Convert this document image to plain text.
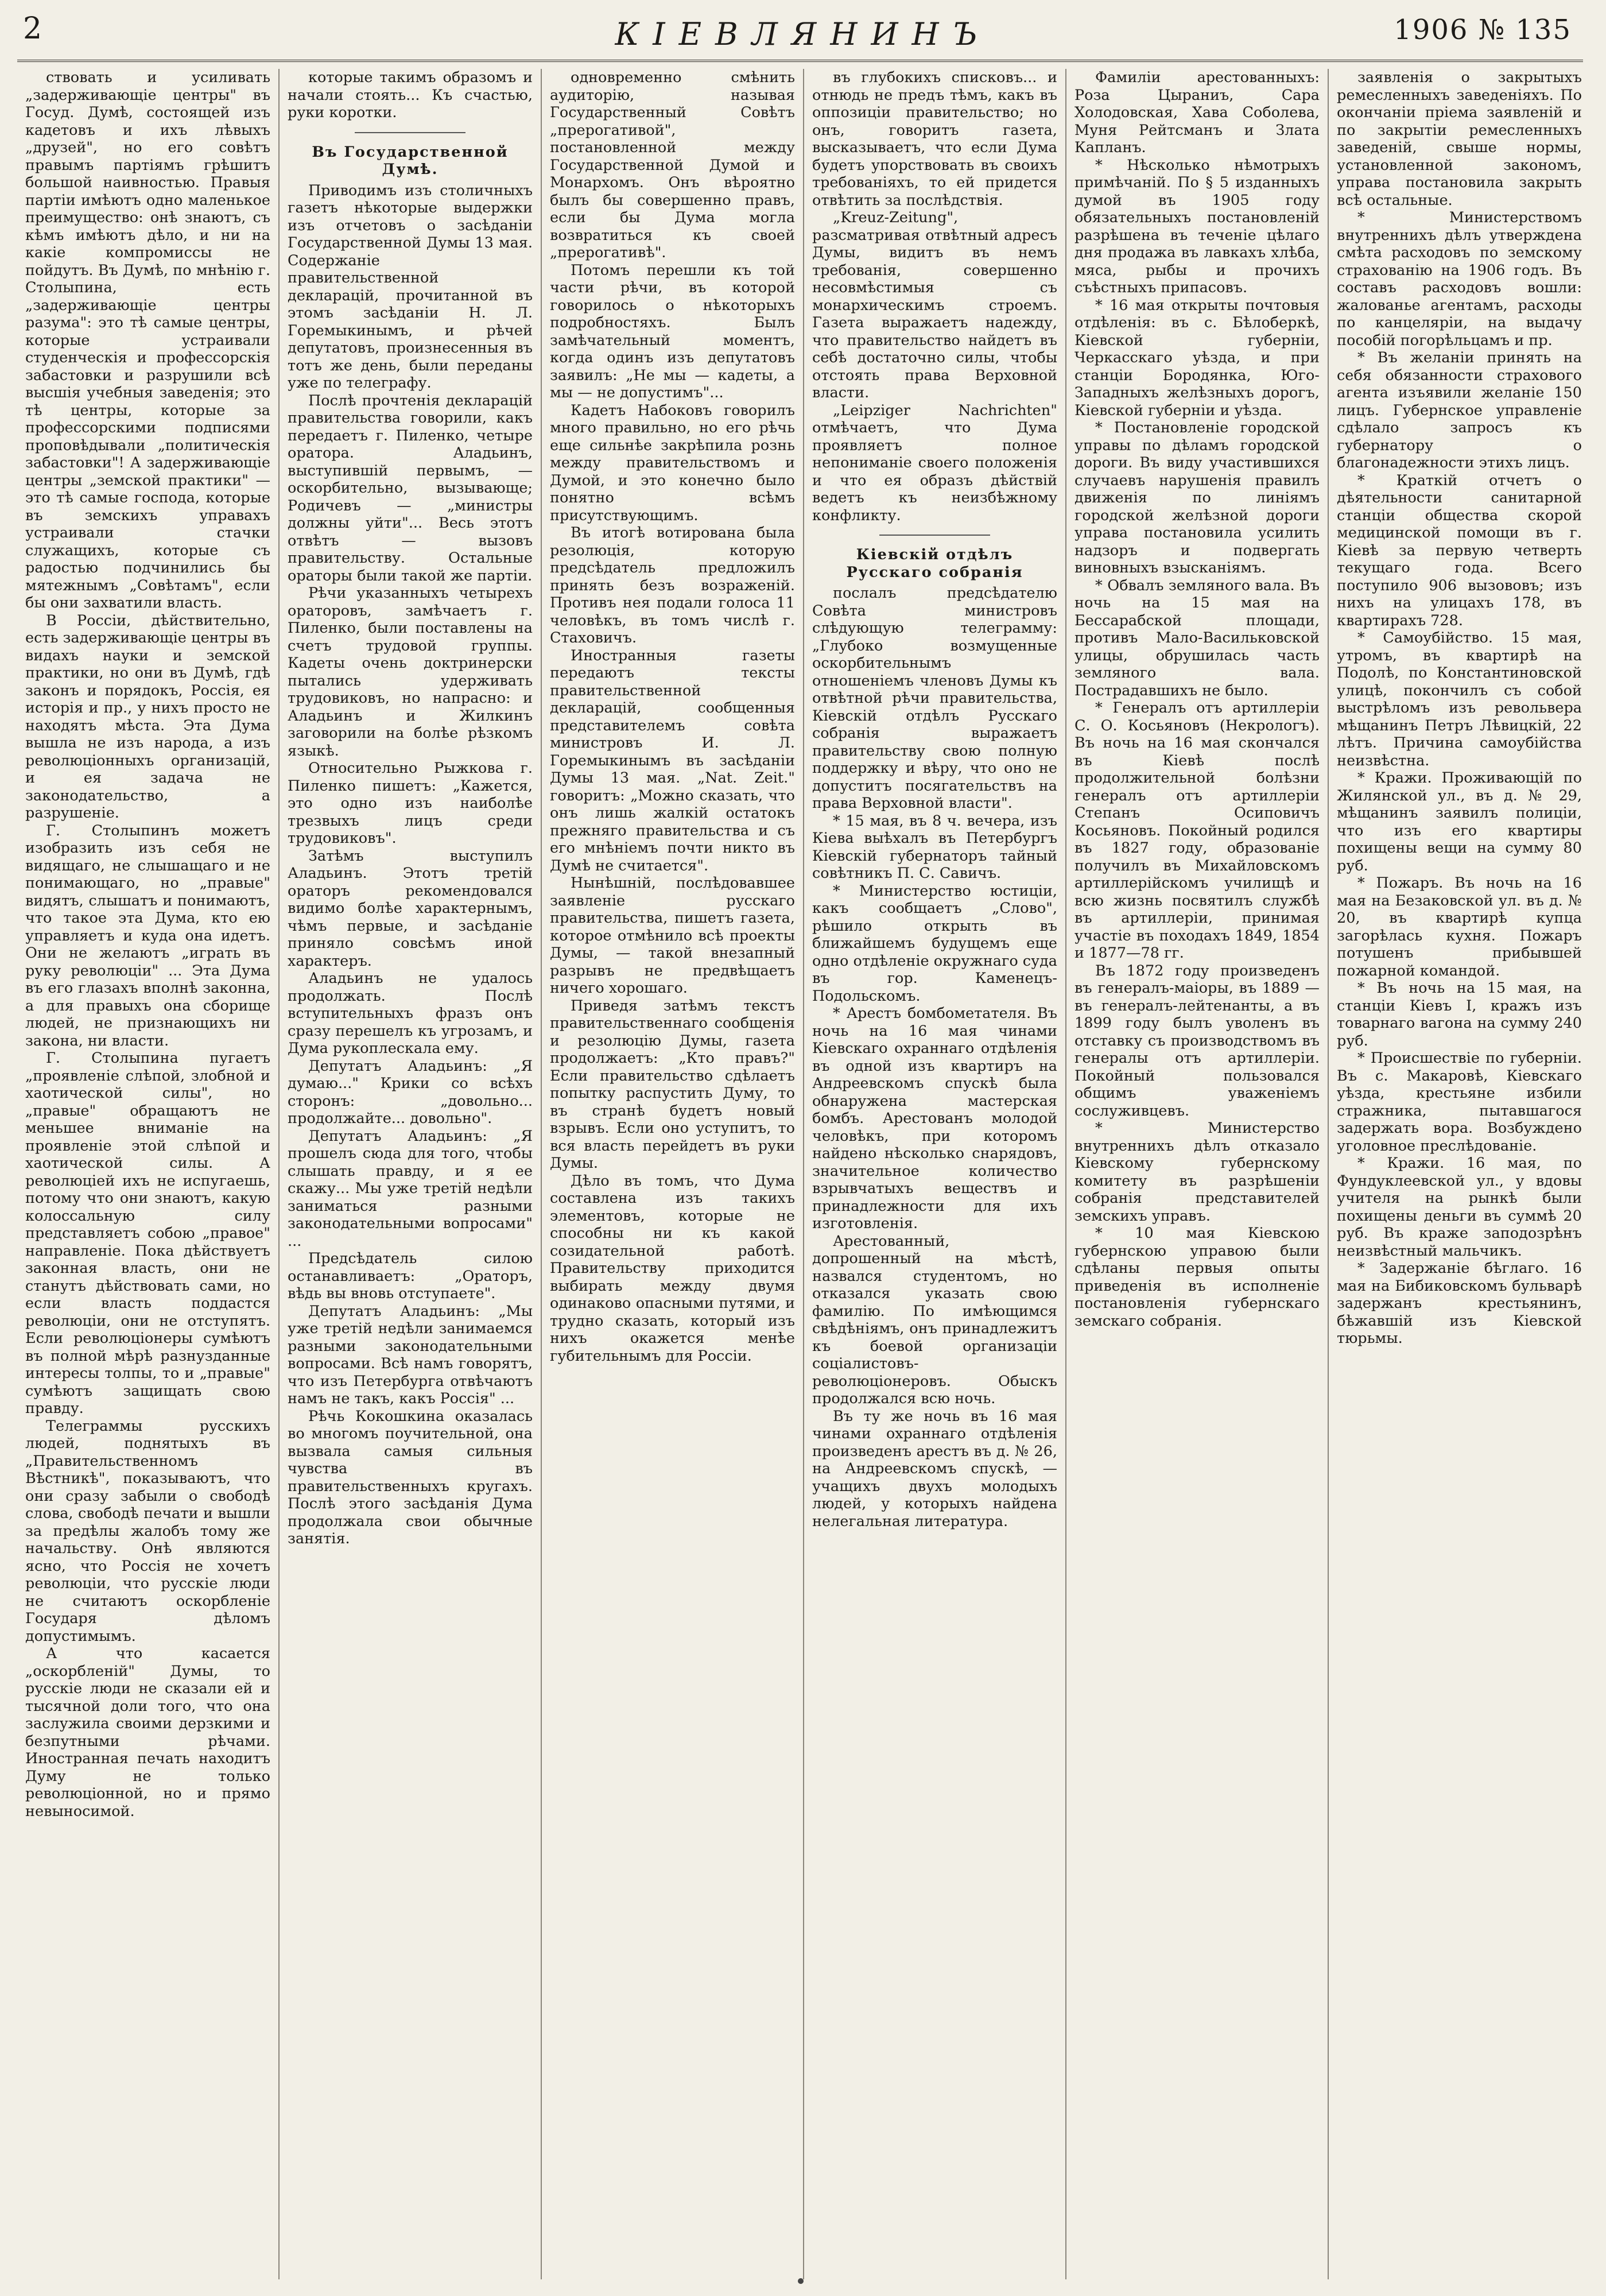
2	КІЕВЛЯНИНЪ	1906 № 135

ствовать и усиливать „задерживающіе центры" въ Госуд. Думѣ, состоящей изъ кадетовъ и ихъ лѣвыхъ „друзей", но его совѣтъ правымъ партіямъ грѣшитъ большой наивностью. Правыя партіи имѣютъ одно маленькое преимущество: онѣ знаютъ, съ кѣмъ имѣютъ дѣло, и ни на какіе компромиссы не пойдутъ. Въ Думѣ, по мнѣнію г. Столыпина, есть „задерживающіе центры разума": это тѣ самые центры, которые устраивали студенческія и профессорскія забастовки и разрушили всѣ высшія учебныя заведенія; это тѣ центры, которые за профессорскими подписями проповѣдывали „политическія забастовки"! А задерживающіе центры „земской практики" — это тѣ самые господа, которые въ земскихъ управахъ устраивали стачки служащихъ, которые съ радостью подчинились бы мятежнымъ „Совѣтамъ", если бы они захватили власть.

В Россіи, дѣйствительно, есть задерживающіе центры въ видахъ науки и земской практики, но они въ Думѣ, гдѣ законъ и порядокъ, Россія, ея исторія и пр., у нихъ просто не находятъ мѣста. Эта Дума вышла не изъ народа, а изъ революціонныхъ организацій, и ея задача не законодательство, а разрушеніе.

Г. Столыпинъ можетъ изобразить изъ себя не видящаго, не слышащаго и не понимающаго, но „правые" видятъ, слышатъ и понимаютъ, что такое эта Дума, кто ею управляетъ и куда она идетъ. Они не желаютъ „играть въ руку революціи" ... Эта Дума въ его глазахъ вполнѣ законна, а для правыхъ она сборище людей, не признающихъ ни закона, ни власти.

Г. Столыпина пугаетъ „проявленіе слѣпой, злобной и хаотической силы", но „правые" обращаютъ не меньшее вниманіе на проявленіе этой слѣпой и хаотической силы. А революціей ихъ не испугаешь, потому что они знаютъ, какую колоссальную силу представляетъ собою „правое" направленіе. Пока дѣйствуетъ законная власть, они не станутъ дѣйствовать сами, но если власть поддастся революціи, они не отступятъ. Если революціонеры сумѣютъ въ полной мѣрѣ разнузданные интересы толпы, то и „правые" сумѣютъ защищать свою правду.

Телеграммы русскихъ людей, поднятыхъ въ „Правительственномъ Вѣстникѣ", показываютъ, что они сразу забыли о свободѣ слова, свободѣ печати и вышли за предѣлы жалобъ тому же начальству. Онѣ являются ясно, что Россія не хочетъ революціи, что русскіе люди не считаютъ оскорбленіе Государя дѣломъ допустимымъ.

А что касается „оскорбленій" Думы, то русскіе люди не сказали ей и тысячной доли того, что она заслужила своими дерзкими и безпутными рѣчами. Иностранная печать находитъ Думу не только революціонной, но и прямо невыносимой.

которые такимъ образомъ и начали стоять... Къ счастью, руки коротки.

Въ Государственной Думѣ.

Приводимъ изъ столичныхъ газетъ нѣкоторые выдержки изъ отчетовъ о засѣданіи Государственной Думы 13 мая. Содержаніе правительственной декларацій, прочитанной въ этомъ засѣданіи Н. Л. Горемыкинымъ, и рѣчей депутатовъ, произнесенныя въ тотъ же день, были переданы уже по телеграфу.

Послѣ прочтенія декларацій правительства говорили, какъ передаетъ г. Пиленко, четыре оратора. Аладьинъ, выступившій первымъ, — оскорбительно, вызывающе; Родичевъ — „министры должны уйти"... Весь этотъ отвѣтъ — вызовъ правительству. Остальные ораторы были такой же партіи.

Рѣчи указанныхъ четырехъ ораторовъ, замѣчаетъ г. Пиленко, были поставлены на счетъ трудовой группы. Кадеты очень доктринерски пытались удерживать трудовиковъ, но напрасно: и Аладьинъ и Жилкинъ заговорили на болѣе рѣзкомъ языкѣ.

Относительно Рыжкова г. Пиленко пишетъ: „Кажется, это одно изъ наиболѣе трезвыхъ лицъ среди трудовиковъ".

Затѣмъ выступилъ Аладьинъ. Этотъ третій ораторъ рекомендовался видимо болѣе характернымъ, чѣмъ первые, и засѣданіе приняло совсѣмъ иной характеръ.

Аладьинъ не удалось продолжать. Послѣ вступительныхъ фразъ онъ сразу перешелъ къ угрозамъ, и Дума рукоплескала ему.

Депутатъ Аладьинъ: „Я думаю..." Крики со всѣхъ сторонъ: „довольно... продолжайте... довольно".

Депутатъ Аладьинъ: „Я прошелъ сюда для того, чтобы слышать правду, и я ее скажу... Мы уже третій недѣли заниматься разными законодательными вопросами" ...

Предсѣдатель силою останавливаетъ: „Ораторъ, вѣдь вы вновь отступаете".

Депутатъ Аладьинъ: „Мы уже третій недѣли занимаемся разными законодательными вопросами. Всѣ намъ говорятъ, что изъ Петербурга отвѣчаютъ намъ не такъ, какъ Россія" ...

Рѣчь Кокошкина оказалась во многомъ поучительной, она вызвала самыя сильныя чувства въ правительственныхъ кругахъ. Послѣ этого засѣданія Дума продолжала свои обычные занятія.

одновременно смѣнить аудиторію, называя Государственный Совѣтъ „прерогативой", постановленной между Государственной Думой и Монархомъ. Онъ вѣроятно былъ бы совершенно правъ, если бы Дума могла возвратиться къ своей „прерогативѣ".

Потомъ перешли къ той части рѣчи, въ которой говорилось о нѣкоторыхъ подробностяхъ. Былъ замѣчательный моментъ, когда одинъ изъ депутатовъ заявилъ: „Не мы — кадеты, а мы — не допустимъ"...

Кадетъ Набоковъ говорилъ много правильно, но его рѣчь еще сильнѣе закрѣпила рознь между правительствомъ и Думой, и это конечно было понятно всѣмъ присутствующимъ.

Въ итогѣ вотирована была резолюція, которую предсѣдатель предложилъ принять безъ возраженій. Противъ нея подали голоса 11 человѣкъ, въ томъ числѣ г. Стаховичъ.

Иностранныя газеты передаютъ тексты правительственной декларацій, сообщенныя представителемъ совѣта министровъ И. Л. Горемыкинымъ въ засѣданіи Думы 13 мая. „Nat. Zeit." говоритъ: „Можно сказать, что онъ лишь жалкій остатокъ прежняго правительства и съ его мнѣніемъ почти никто въ Думѣ не считается".

Нынѣшній, послѣдовавшее заявленіе русскаго правительства, пишетъ газета, которое отмѣнило всѣ проекты Думы, — такой внезапный разрывъ не предвѣщаетъ ничего хорошаго.

Приведя затѣмъ текстъ правительственнаго сообщенія и резолюцію Думы, газета продолжаетъ: „Кто правъ?" Если правительство сдѣлаетъ попытку распустить Думу, то въ странѣ будетъ новый взрывъ. Если оно уступитъ, то вся власть перейдетъ въ руки Думы.

Дѣло въ томъ, что Дума составлена изъ такихъ элементовъ, которые не способны ни къ какой созидательной работѣ. Правительству приходится выбирать между двумя одинаково опасными путями, и трудно сказать, который изъ нихъ окажется менѣе губительнымъ для Россіи.

въ глубокихъ списковъ... и отнюдь не предъ тѣмъ, какъ въ оппозиціи правительство; но онъ, говоритъ газета, высказываетъ, что если Дума будетъ упорствовать въ своихъ требованіяхъ, то ей придется отвѣтить за послѣдствія.

„Kreuz-Zeitung", разсматривая отвѣтный адресъ Думы, видитъ въ немъ требованія, совершенно несовмѣстимыя съ монархическимъ строемъ. Газета выражаетъ надежду, что правительство найдетъ въ себѣ достаточно силы, чтобы отстоять права Верховной власти.

„Leipziger Nachrichten" отмѣчаетъ, что Дума проявляетъ полное непониманіе своего положенія и что ея образъ дѣйствій ведетъ къ неизбѣжному конфликту.

Кіевскій отдѣлъ Русскаго собранія

послалъ предсѣдателю Совѣта министровъ слѣдующую телеграмму: „Глубоко возмущенные оскорбительнымъ отношеніемъ членовъ Думы къ отвѣтной рѣчи правительства, Кіевскій отдѣлъ Русскаго собранія выражаетъ правительству свою полную поддержку и вѣру, что оно не допуститъ посягательствъ на права Верховной власти".

* 15 мая, въ 8 ч. вечера, изъ Кіева выѣхалъ въ Петербургъ Кіевскій губернаторъ тайный совѣтникъ П. С. Савичъ.

* Министерство юстиціи, какъ сообщаетъ „Слово", рѣшило открыть въ ближайшемъ будущемъ еще одно отдѣленіе окружнаго суда въ гор. Каменецъ-Подольскомъ.

* Арестъ бомбометателя. Въ ночь на 16 мая чинами Кіевскаго охраннаго отдѣленія въ одной изъ квартиръ на Андреевскомъ спускѣ была обнаружена мастерская бомбъ. Арестованъ молодой человѣкъ, при которомъ найдено нѣсколько снарядовъ, значительное количество взрывчатыхъ веществъ и принадлежности для ихъ изготовленія.

Арестованный, допрошенный на мѣстѣ, назвался студентомъ, но отказался указать свою фамилію. По имѣющимся свѣдѣніямъ, онъ принадлежитъ къ боевой организаціи соціалистовъ-революціонеровъ. Обыскъ продолжался всю ночь.

Въ ту же ночь въ 16 мая чинами охраннаго отдѣленія произведенъ арестъ въ д. № 26, на Андреевскомъ спускѣ, — учащихъ двухъ молодыхъ людей, у которыхъ найдена нелегальная литература.

Фамиліи арестованныхъ: Роза Цыраниъ, Сара Холодовская, Хава Соболева, Муня Рейтсманъ и Злата Капланъ.

* Нѣсколько нѣмотрыхъ примѣчаній. По § 5 изданныхъ думой въ 1905 году обязательныхъ постановленій разрѣшена въ теченіе цѣлаго дня продажа въ лавкахъ хлѣба, мяса, рыбы и прочихъ съѣстныхъ припасовъ.

* 16 мая открыты почтовыя отдѣленія: въ с. Бѣлоберкѣ, Кіевской губерніи, Черкасскаго уѣзда, и при станціи Бородянка, Юго-Западныхъ желѣзныхъ дорогъ, Кіевской губерніи и уѣзда.

* Постановленіе городской управы по дѣламъ городской дороги. Въ виду участившихся случаевъ нарушенія правилъ движенія по линіямъ городской желѣзной дороги управа постановила усилить надзоръ и подвергать виновныхъ взысканіямъ.

* Обвалъ земляного вала. Въ ночь на 15 мая на Бессарабской площади, противъ Мало-Васильковской улицы, обрушилась часть земляного вала. Пострадавшихъ не было.

* Генералъ отъ артиллеріи С. О. Косьяновъ (Некрологъ). Въ ночь на 16 мая скончался въ Кіевѣ послѣ продолжительной болѣзни генералъ отъ артиллеріи Степанъ Осиповичъ Косьяновъ. Покойный родился въ 1827 году, образованіе получилъ въ Михайловскомъ артиллерійскомъ училищѣ и всю жизнь посвятилъ службѣ въ артиллеріи, принимая участіе въ походахъ 1849, 1854 и 1877—78 гг.

Въ 1872 году произведенъ въ генералъ-маіоры, въ 1889 — въ генералъ-лейтенанты, а въ 1899 году былъ уволенъ въ отставку съ производствомъ въ генералы отъ артиллеріи. Покойный пользовался общимъ уваженіемъ сослуживцевъ.

* Министерство внутреннихъ дѣлъ отказало Кіевскому губернскому комитету въ разрѣшеніи собранія представителей земскихъ управъ.

* 10 мая Кіевскою губернскою управою были сдѣланы первыя опыты приведенія въ исполненіе постановленія губернскаго земскаго собранія.

заявленія о закрытыхъ ремесленныхъ заведеніяхъ. По окончаніи пріема заявленій и по закрытіи ремесленныхъ заведеній, свыше нормы, установленной закономъ, управа постановила закрыть всѣ остальные.

* Министерствомъ внутреннихъ дѣлъ утверждена смѣта расходовъ по земскому страхованію на 1906 годъ. Въ составъ расходовъ вошли: жалованье агентамъ, расходы по канцеляріи, на выдачу пособій погорѣльцамъ и пр.

* Въ желаніи принять на себя обязанности страхового агента изъявили желаніе 150 лицъ. Губернское управленіе сдѣлало запросъ къ губернатору о благонадежности этихъ лицъ.

* Краткій отчетъ о дѣятельности санитарной станціи общества скорой медицинской помощи въ г. Кіевѣ за первую четверть текущаго года. Всего поступило 906 вызововъ; изъ нихъ на улицахъ 178, въ квартирахъ 728.

* Самоубійство. 15 мая, утромъ, въ квартирѣ на Подолѣ, по Константиновской улицѣ, покончилъ съ собой выстрѣломъ изъ револьвера мѣщанинъ Петръ Лѣвицкій, 22 лѣтъ. Причина самоубійства неизвѣстна.

* Кражи. Проживающій по Жилянской ул., въ д. № 29, мѣщанинъ заявилъ полиціи, что изъ его квартиры похищены вещи на сумму 80 руб.

* Пожаръ. Въ ночь на 16 мая на Безаковской ул. въ д. № 20, въ квартирѣ купца загорѣлась кухня. Пожаръ потушенъ прибывшей пожарной командой.

* Въ ночь на 15 мая, на станціи Кіевъ I, кражъ изъ товарнаго вагона на сумму 240 руб.

* Происшествіе по губерніи. Въ с. Макаровѣ, Кіевскаго уѣзда, крестьяне избили стражника, пытавшагося задержать вора. Возбуждено уголовное преслѣдованіе.

* Кражи. 16 мая, по Фундуклеевской ул., у вдовы учителя на рынкѣ были похищены деньги въ суммѣ 20 руб. Въ краже заподозрѣнъ неизвѣстный мальчикъ.

* Задержаніе бѣглаго. 16 мая на Бибиковскомъ бульварѣ задержанъ крестьянинъ, бѣжавшій изъ Кіевской тюрьмы.
